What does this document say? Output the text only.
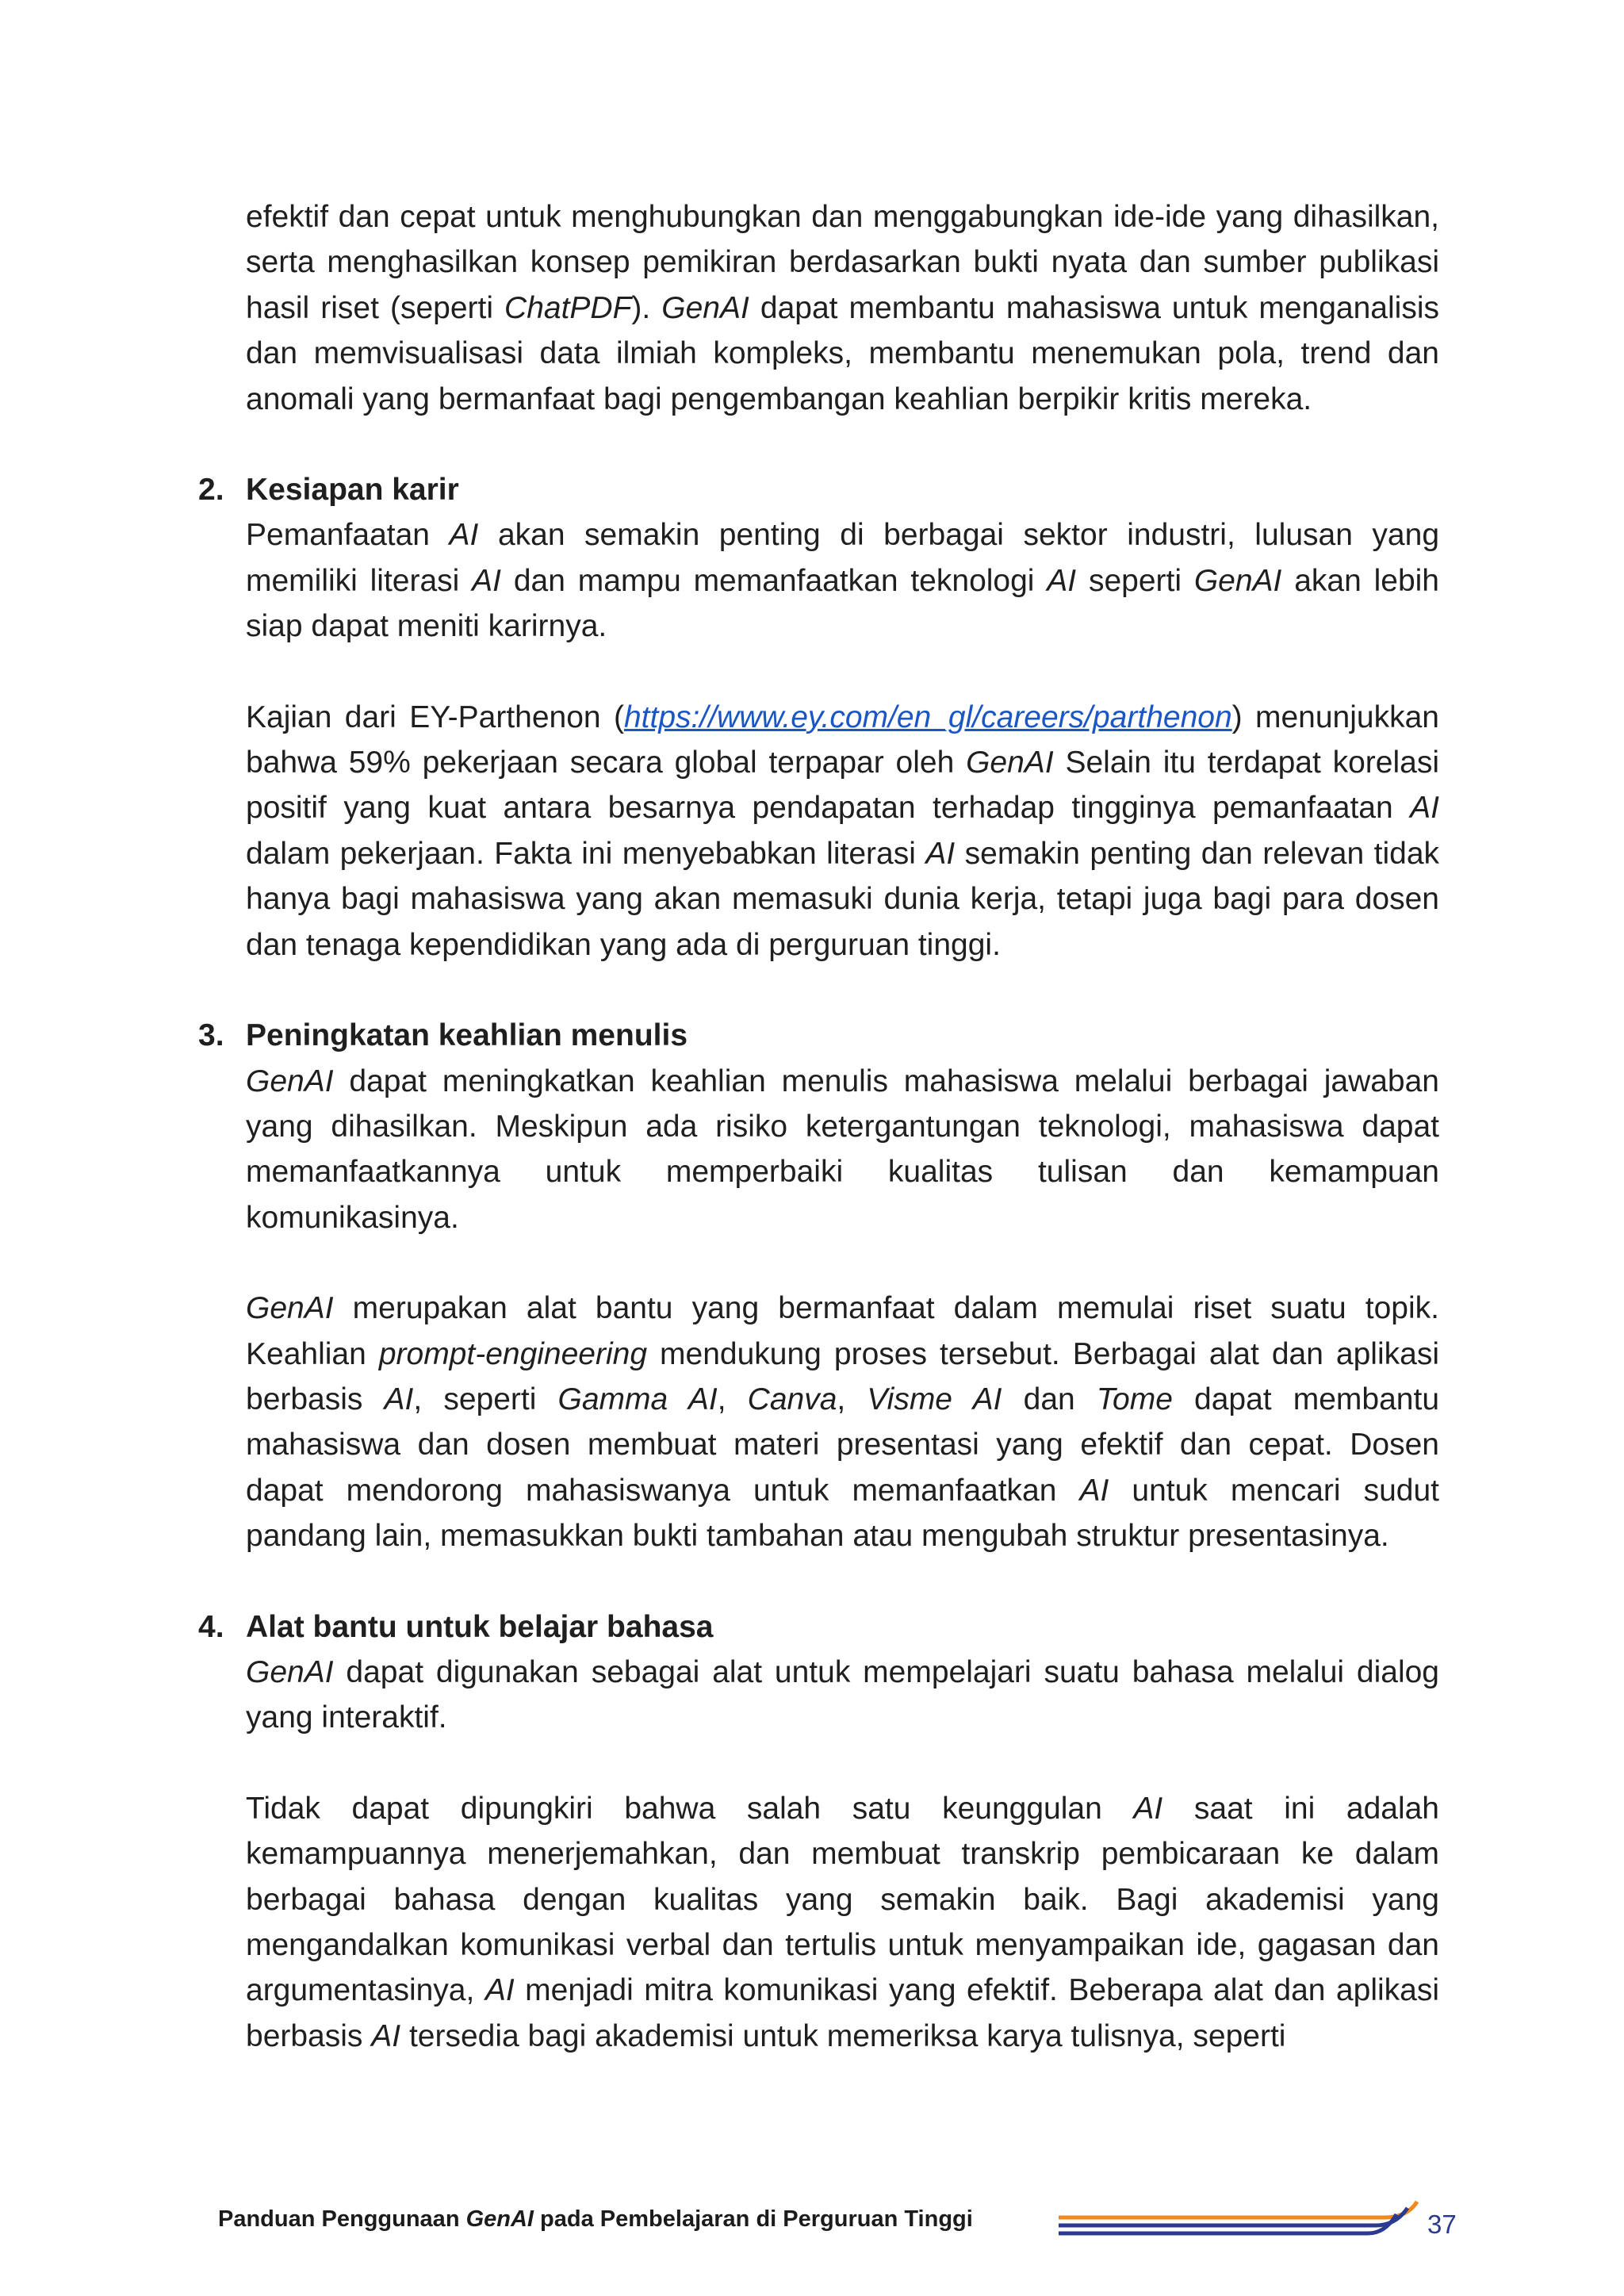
efektif dan cepat untuk menghubungkan dan menggabungkan ide-ide yang dihasilkan, serta menghasilkan konsep pemikiran berdasarkan bukti nyata dan sumber publikasi hasil riset (seperti ChatPDF). GenAI dapat membantu mahasiswa untuk menganalisis dan memvisualisasi data ilmiah kompleks, membantu menemukan pola, trend dan anomali yang bermanfaat bagi pengembangan keahlian berpikir kritis mereka.

2. Kesiapan karir

Pemanfaatan AI akan semakin penting di berbagai sektor industri, lulusan yang memiliki literasi AI dan mampu memanfaatkan teknologi AI seperti GenAI akan lebih siap dapat meniti karirnya.

Kajian dari EY-Parthenon (https://www.ey.com/en_gl/careers/parthenon) menunjukkan bahwa 59% pekerjaan secara global terpapar oleh GenAI Selain itu terdapat korelasi positif yang kuat antara besarnya pendapatan terhadap tingginya pemanfaatan AI dalam pekerjaan. Fakta ini menyebabkan literasi AI semakin penting dan relevan tidak hanya bagi mahasiswa yang akan memasuki dunia kerja, tetapi juga bagi para dosen dan tenaga kependidikan yang ada di perguruan tinggi.

3. Peningkatan keahlian menulis

GenAI dapat meningkatkan keahlian menulis mahasiswa melalui berbagai jawaban yang dihasilkan. Meskipun ada risiko ketergantungan teknologi, mahasiswa dapat memanfaatkannya untuk memperbaiki kualitas tulisan dan kemampuan komunikasinya.

GenAI merupakan alat bantu yang bermanfaat dalam memulai riset suatu topik. Keahlian prompt-engineering mendukung proses tersebut. Berbagai alat dan aplikasi berbasis AI, seperti Gamma AI, Canva, Visme AI dan Tome dapat membantu mahasiswa dan dosen membuat materi presentasi yang efektif dan cepat. Dosen dapat mendorong mahasiswanya untuk memanfaatkan AI untuk mencari sudut pandang lain, memasukkan bukti tambahan atau mengubah struktur presentasinya.

4. Alat bantu untuk belajar bahasa

GenAI dapat digunakan sebagai alat untuk mempelajari suatu bahasa melalui dialog yang interaktif.

Tidak dapat dipungkiri bahwa salah satu keunggulan AI saat ini adalah kemampuannya menerjemahkan, dan membuat transkrip pembicaraan ke dalam berbagai bahasa dengan kualitas yang semakin baik. Bagi akademisi yang mengandalkan komunikasi verbal dan tertulis untuk menyampaikan ide, gagasan dan argumentasinya, AI menjadi mitra komunikasi yang efektif. Beberapa alat dan aplikasi berbasis AI tersedia bagi akademisi untuk memeriksa karya tulisnya, seperti

Panduan Penggunaan GenAI pada Pembelajaran di Perguruan Tinggi	37
